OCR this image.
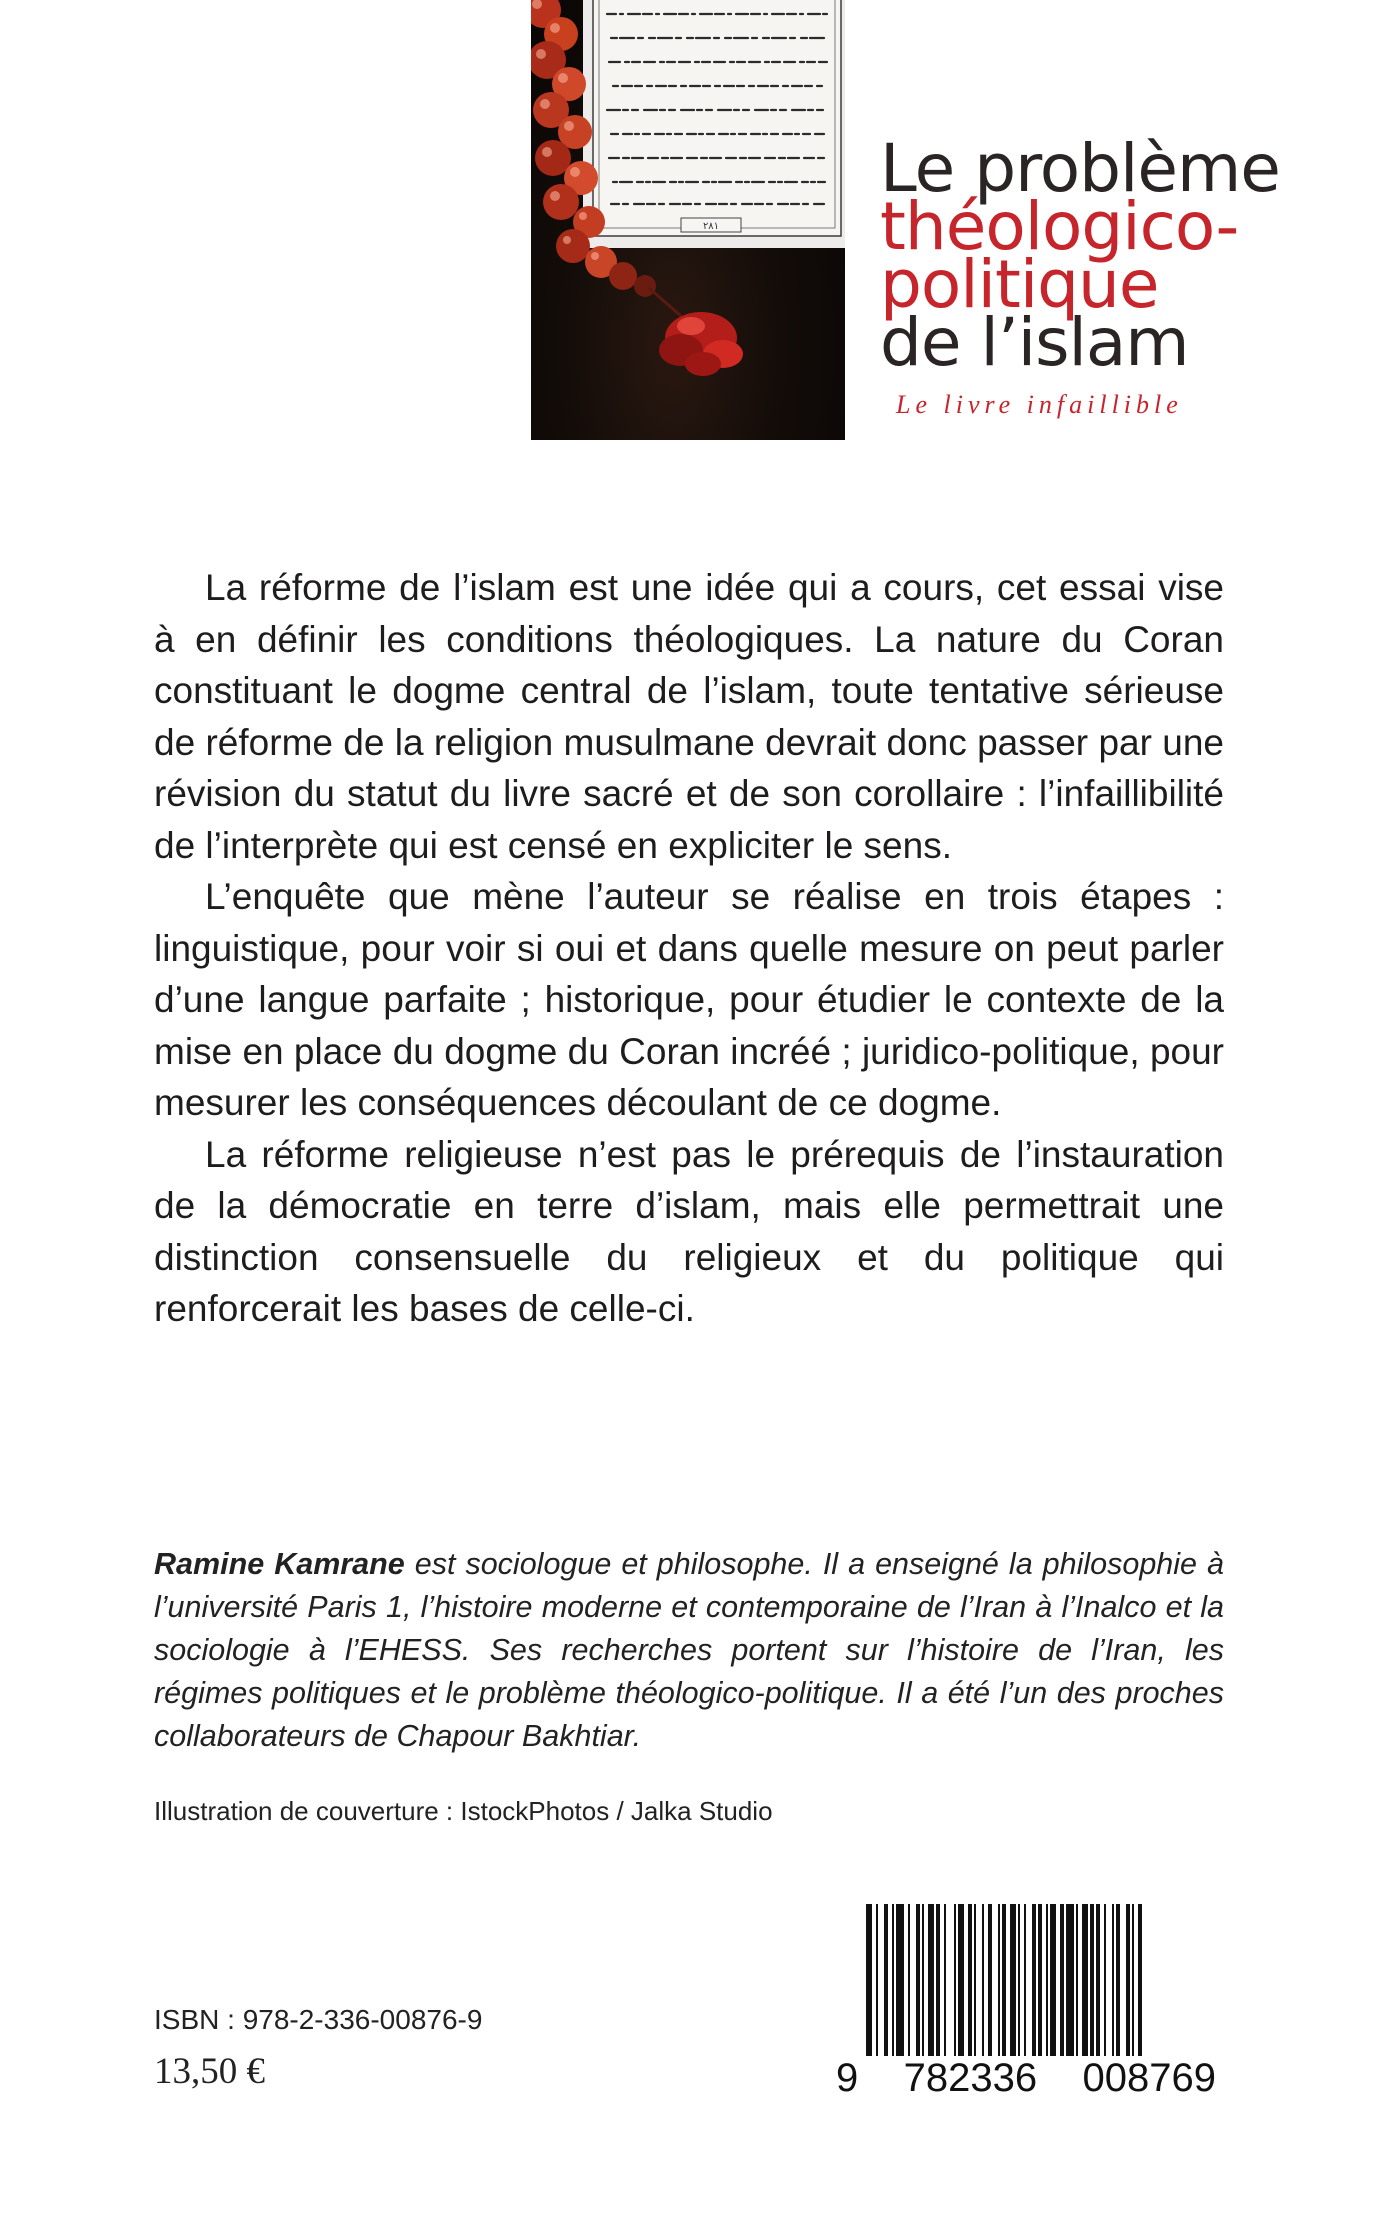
٢٨١
Le problème
théologico-
politique
de l’islam
Le livre infaillible

La réforme de l’islam est une idée qui a cours, cet essai vise à en définir les conditions théologiques. La nature du Coran constituant le dogme central de l’islam, toute tentative sérieuse de réforme de la religion musulmane devrait donc passer par une révision du statut du livre sacré et de son corollaire : l’infaillibilité de l’interprète qui est censé en expliciter le sens.

L’enquête que mène l’auteur se réalise en trois étapes : linguistique, pour voir si oui et dans quelle mesure on peut parler d’une langue parfaite ; historique, pour étudier le contexte de la mise en place du dogme du Coran incréé ; juridico-politique, pour mesurer les conséquences découlant de ce dogme.

La réforme religieuse n’est pas le prérequis de l’instauration de la démocratie en terre d’islam, mais elle permettrait une distinction consensuelle du religieux et du politique qui renforcerait les bases de celle-ci.

Ramine Kamrane est sociologue et philosophe. Il a enseigné la philosophie à l’université Paris 1, l’histoire moderne et contemporaine de l’Iran à l’Inalco et la sociologie à l’EHESS. Ses recherches portent sur l’histoire de l’Iran, les régimes politiques et le problème théologico-politique. Il a été l’un des proches collaborateurs de Chapour Bakhtiar.

Illustration de couverture : IstockPhotos / Jalka Studio
ISBN : 978-2-336-00876-9
13,50 €	9 782336 008769
